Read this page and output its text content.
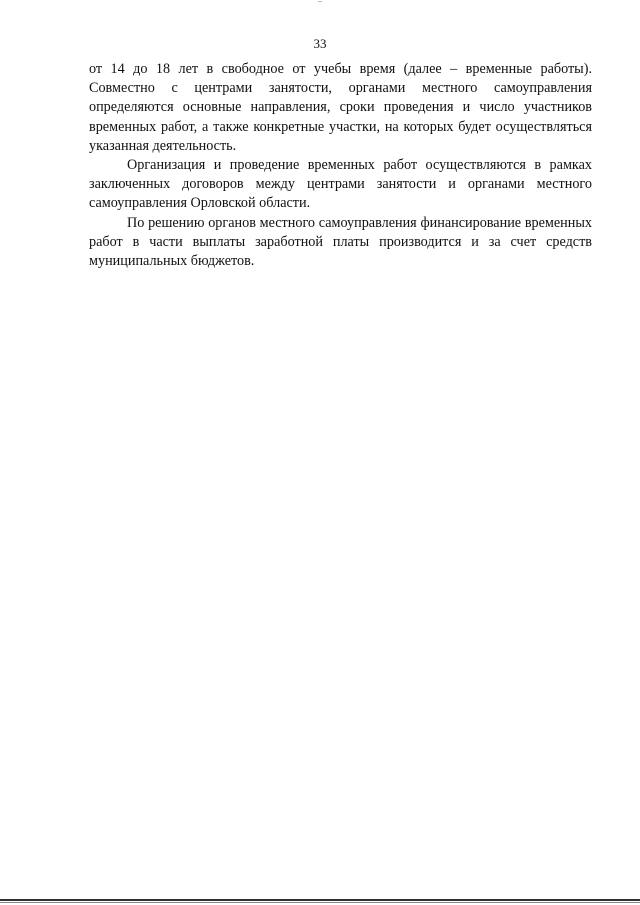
33

от 14 до 18 лет в свободное от учебы время (далее – временные работы). Совместно с центрами занятости, органами местного самоуправления определяются основные направления, сроки проведения и число участников временных работ, а также конкретные участки, на которых будет осуществляться указанная деятельность.

Организация и проведение временных работ осуществляются в рамках заключенных договоров между центрами занятости и органами местного самоуправления Орловской области.

По решению органов местного самоуправления финансирование временных работ в части выплаты заработной платы производится и за счет средств муниципальных бюджетов.
